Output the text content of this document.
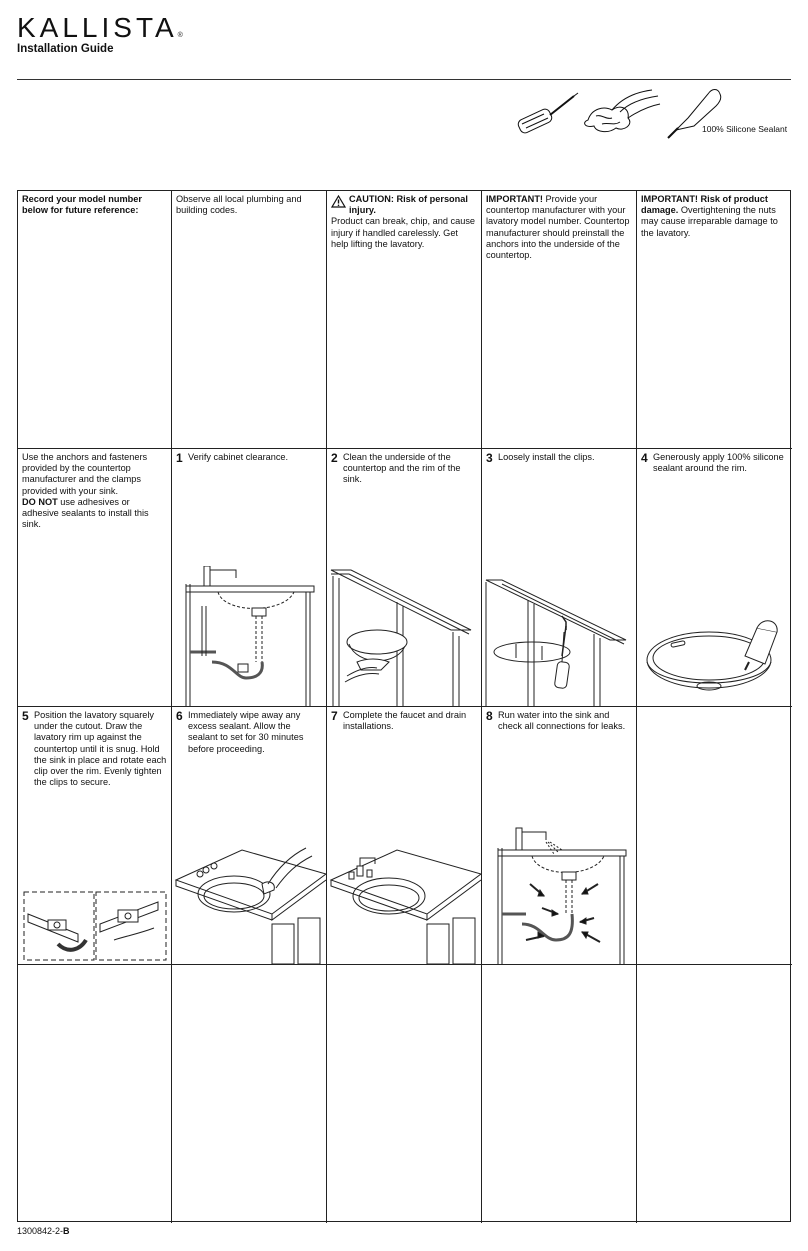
KALLISTA®
Installation Guide
100% Silicone Sealant
Record your model number below for future reference:
Observe all local plumbing and building codes.
CAUTION: Risk of personal injury.
Product can break, chip, and cause injury if handled carelessly. Get help lifting the lavatory.
IMPORTANT! Provide your countertop manufacturer with your lavatory model number. Countertop manufacturer should preinstall the anchors into the underside of the countertop.
IMPORTANT! Risk of product damage. Overtightening the nuts may cause irreparable damage to the lavatory.
Use the anchors and fasteners provided by the countertop manufacturer and the clamps provided with your sink.
DO NOT use adhesives or adhesive sealants to install this sink.
1 Verify cabinet clearance.	2 Clean the underside of the countertop and the rim of the sink.
3 Loosely install the clips.	4 Generously apply 100% silicone sealant around the rim.
5 Position the lavatory squarely under the cutout. Draw the lavatory rim up against the countertop until it is snug. Hold the sink in place and rotate each clip over the rim. Evenly tighten the clips to secure.
6 Immediately wipe away any excess sealant. Allow the sealant to set for 30 minutes before proceeding.
7 Complete the faucet and drain installations.
8 Run water into the sink and check all connections for leaks.
1300842-2-B
